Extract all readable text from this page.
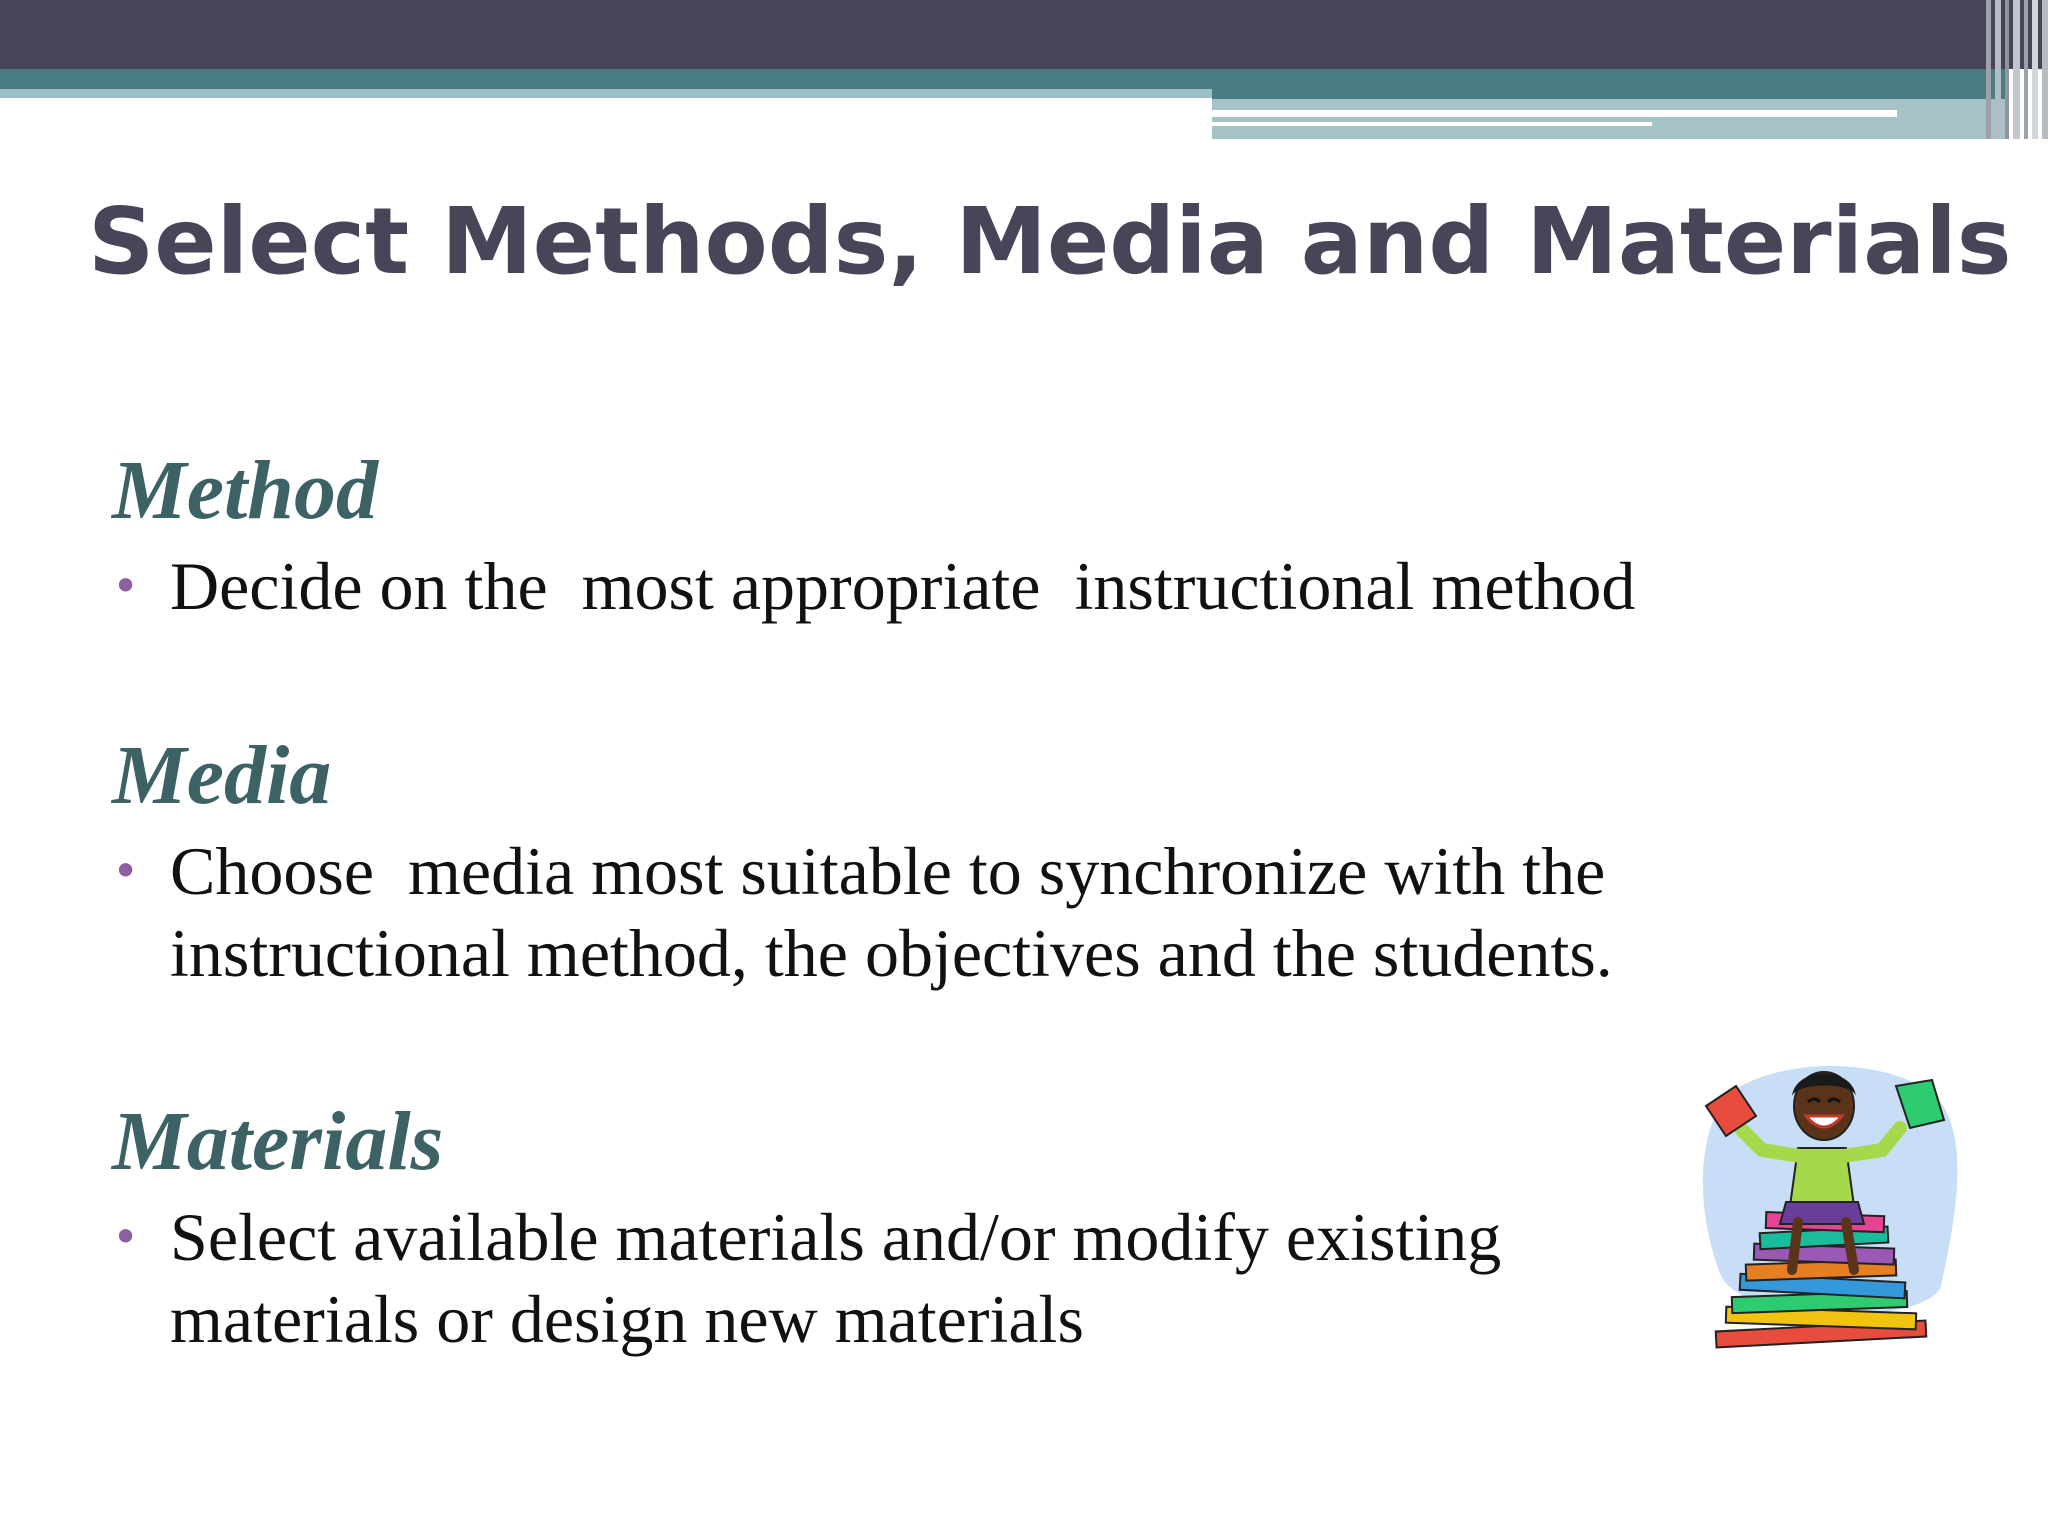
Select Methods, Media and Materials
Method
• Decide on the  most appropriate  instructional method
Media
• Choose  media most suitable to synchronize with the
instructional method, the objectives and the students.
Materials
• Select available materials and/or modify existing
materials or design new materials
